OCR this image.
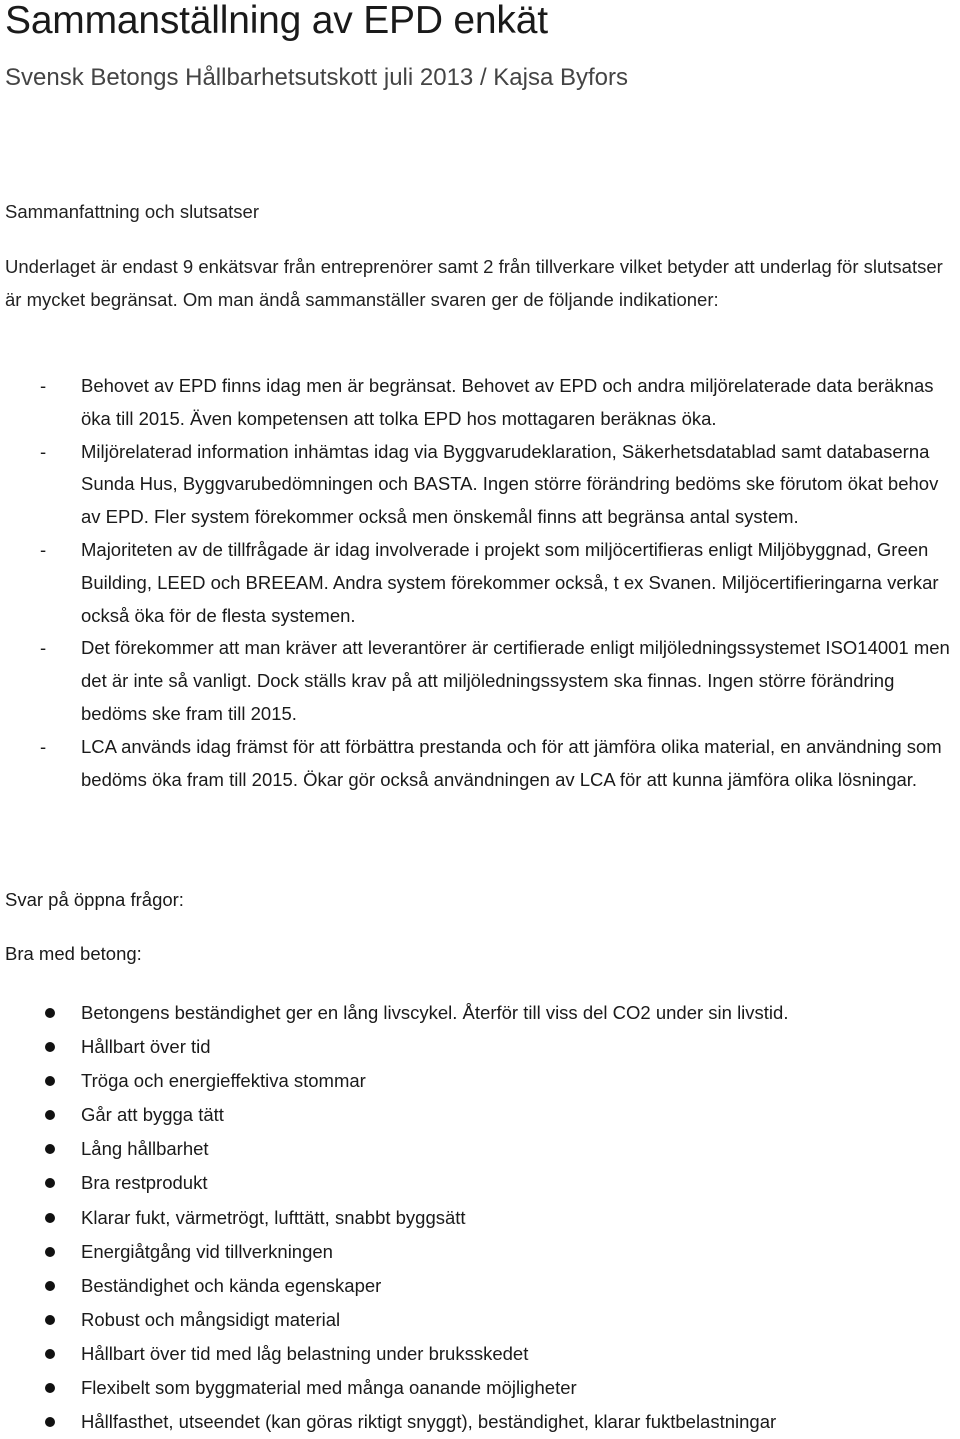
Sammanställning av EPD enkät
Svensk Betongs Hållbarhetsutskott juli 2013 / Kajsa Byfors

Sammanfattning och slutsatser

Underlaget är endast 9 enkätsvar från entreprenörer samt 2 från tillverkare vilket betyder att underlag för slutsatser är mycket begränsat. Om man ändå sammanställer svaren ger de följande indikationer:

- Behovet av EPD finns idag men är begränsat. Behovet av EPD och andra miljörelaterade data beräknas öka till 2015. Även kompetensen att tolka EPD hos mottagaren beräknas öka.
- Miljörelaterad information inhämtas idag via Byggvarudeklaration, Säkerhetsdatablad samt databaserna Sunda Hus, Byggvarubedömningen och BASTA. Ingen större förändring bedöms ske förutom ökat behov av EPD. Fler system förekommer också men önskemål finns att begränsa antal system.
- Majoriteten av de tillfrågade är idag involverade i projekt som miljöcertifieras enligt Miljöbyggnad, Green Building, LEED och BREEAM. Andra system förekommer också, t ex Svanen. Miljöcertifieringarna verkar också öka för de flesta systemen.
- Det förekommer att man kräver att leverantörer är certifierade enligt miljöledningssystemet ISO14001 men det är inte så vanligt. Dock ställs krav på att miljöledningssystem ska finnas. Ingen större förändring bedöms ske fram till 2015.
- LCA används idag främst för att förbättra prestanda och för att jämföra olika material, en användning som bedöms öka fram till 2015. Ökar gör också användningen av LCA för att kunna jämföra olika lösningar.

Svar på öppna frågor:

Bra med betong:

Betongens beständighet ger en lång livscykel. Återför till viss del CO2 under sin livstid.
Hållbart över tid
Tröga och energieffektiva stommar
Går att bygga tätt
Lång hållbarhet
Bra restprodukt
Klarar fukt, värmetrögt, lufttätt, snabbt byggsätt
Energiåtgång vid tillverkningen
Beständighet och kända egenskaper
Robust och mångsidigt material
Hållbart över tid med låg belastning under bruksskedet
Flexibelt som byggmaterial med många oanande möjligheter
Hållfasthet, utseendet (kan göras riktigt snyggt), beständighet, klarar fuktbelastningar
